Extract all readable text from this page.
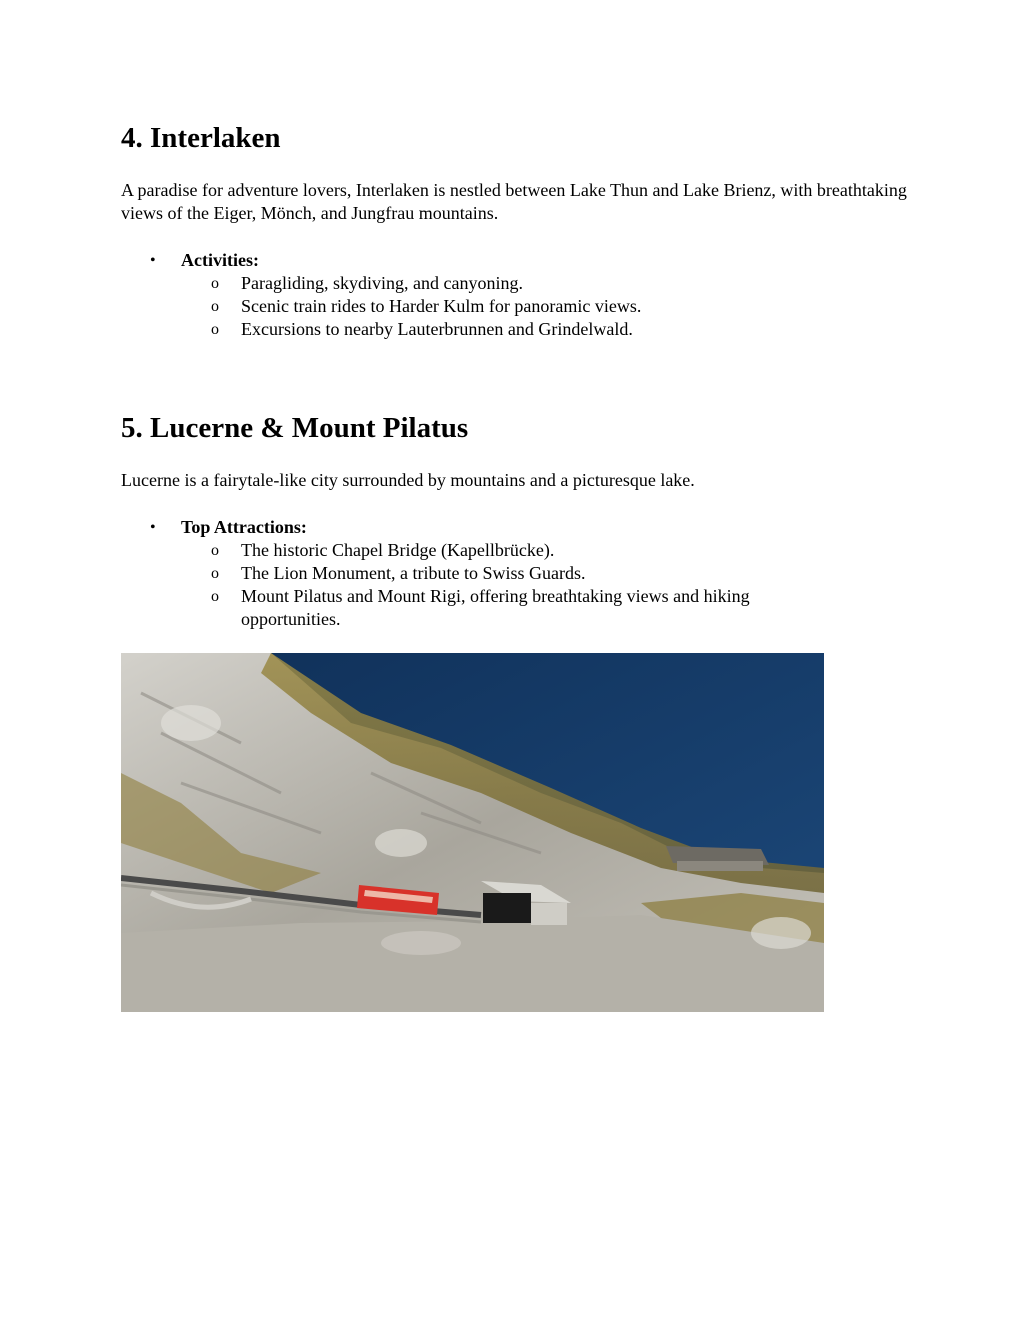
4. Interlaken

A paradise for adventure lovers, Interlaken is nestled between Lake Thun and Lake Brienz, with breathtaking views of the Eiger, Mönch, and Jungfrau mountains.

• Activities:
o Paragliding, skydiving, and canyoning.
o Scenic train rides to Harder Kulm for panoramic views.
o Excursions to nearby Lauterbrunnen and Grindelwald.
5. Lucerne & Mount Pilatus

Lucerne is a fairytale-like city surrounded by mountains and a picturesque lake.

• Top Attractions:
o The historic Chapel Bridge (Kapellbrücke).
o The Lion Monument, a tribute to Swiss Guards.
o Mount Pilatus and Mount Rigi, offering breathtaking views and hiking opportunities.
